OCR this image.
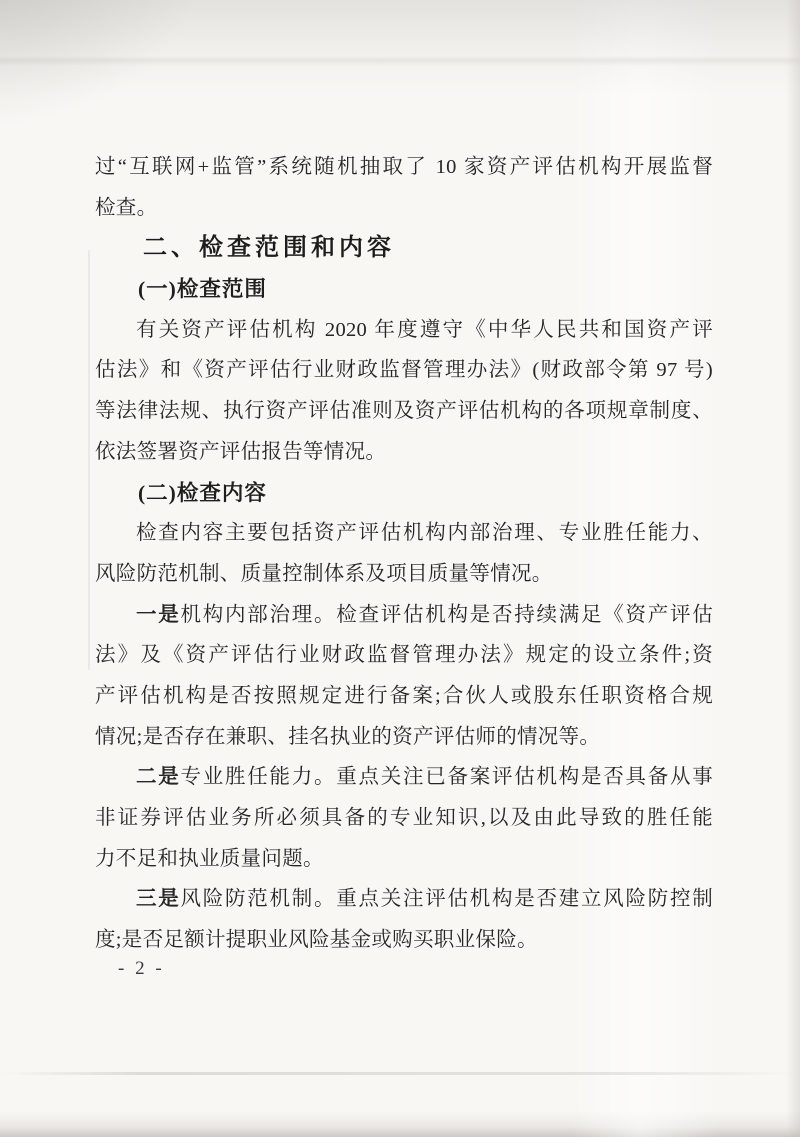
过“互联网+监管”系统随机抽取了 10 家资产评估机构开展监督
检查。
二、检查范围和内容
(一)检查范围
有关资产评估机构 2020 年度遵守《中华人民共和国资产评
估法》和《资产评估行业财政监督管理办法》(财政部令第 97 号)
等法律法规、执行资产评估准则及资产评估机构的各项规章制度、
依法签署资产评估报告等情况。
(二)检查内容
检查内容主要包括资产评估机构内部治理、专业胜任能力、
风险防范机制、质量控制体系及项目质量等情况。
一是机构内部治理。检查评估机构是否持续满足《资产评估
法》及《资产评估行业财政监督管理办法》规定的设立条件;资
产评估机构是否按照规定进行备案;合伙人或股东任职资格合规
情况;是否存在兼职、挂名执业的资产评估师的情况等。
二是专业胜任能力。重点关注已备案评估机构是否具备从事
非证券评估业务所必须具备的专业知识,以及由此导致的胜任能
力不足和执业质量问题。
三是风险防范机制。重点关注评估机构是否建立风险防控制
度;是否足额计提职业风险基金或购买职业保险。
- 2 -
